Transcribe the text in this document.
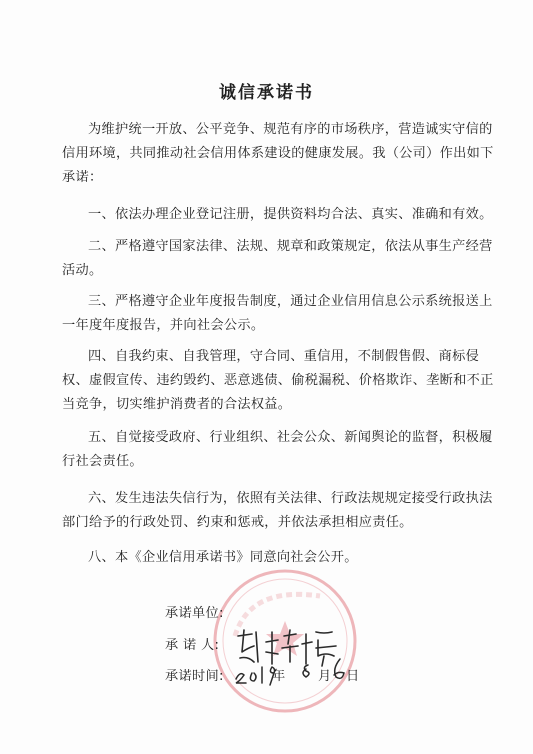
诚信承诺书

为维护统一开放、公平竞争、规范有序的市场秩序，营造诚实守信的信用环境，共同推动社会信用体系建设的健康发展。我（公司）作出如下承诺：

一、依法办理企业登记注册，提供资料均合法、真实、准确和有效。

二、严格遵守国家法律、法规、规章和政策规定，依法从事生产经营活动。

三、严格遵守企业年度报告制度，通过企业信用信息公示系统报送上一年度年度报告，并向社会公示。

四、自我约束、自我管理，守合同、重信用，不制假售假、商标侵权、虚假宣传、违约毁约、恶意逃债、偷税漏税、价格欺诈、垄断和不正当竞争，切实维护消费者的合法权益。

五、自觉接受政府、行业组织、社会公众、新闻舆论的监督，积极履行社会责任。

六、发生违法失信行为，依照有关法律、行政法规规定接受行政执法部门给予的行政处罚、约束和惩戒，并依法承担相应责任。

八、本《企业信用承诺书》同意向社会公开。

承诺单位:
承 诺 人:
承诺时间:	年 月 日
